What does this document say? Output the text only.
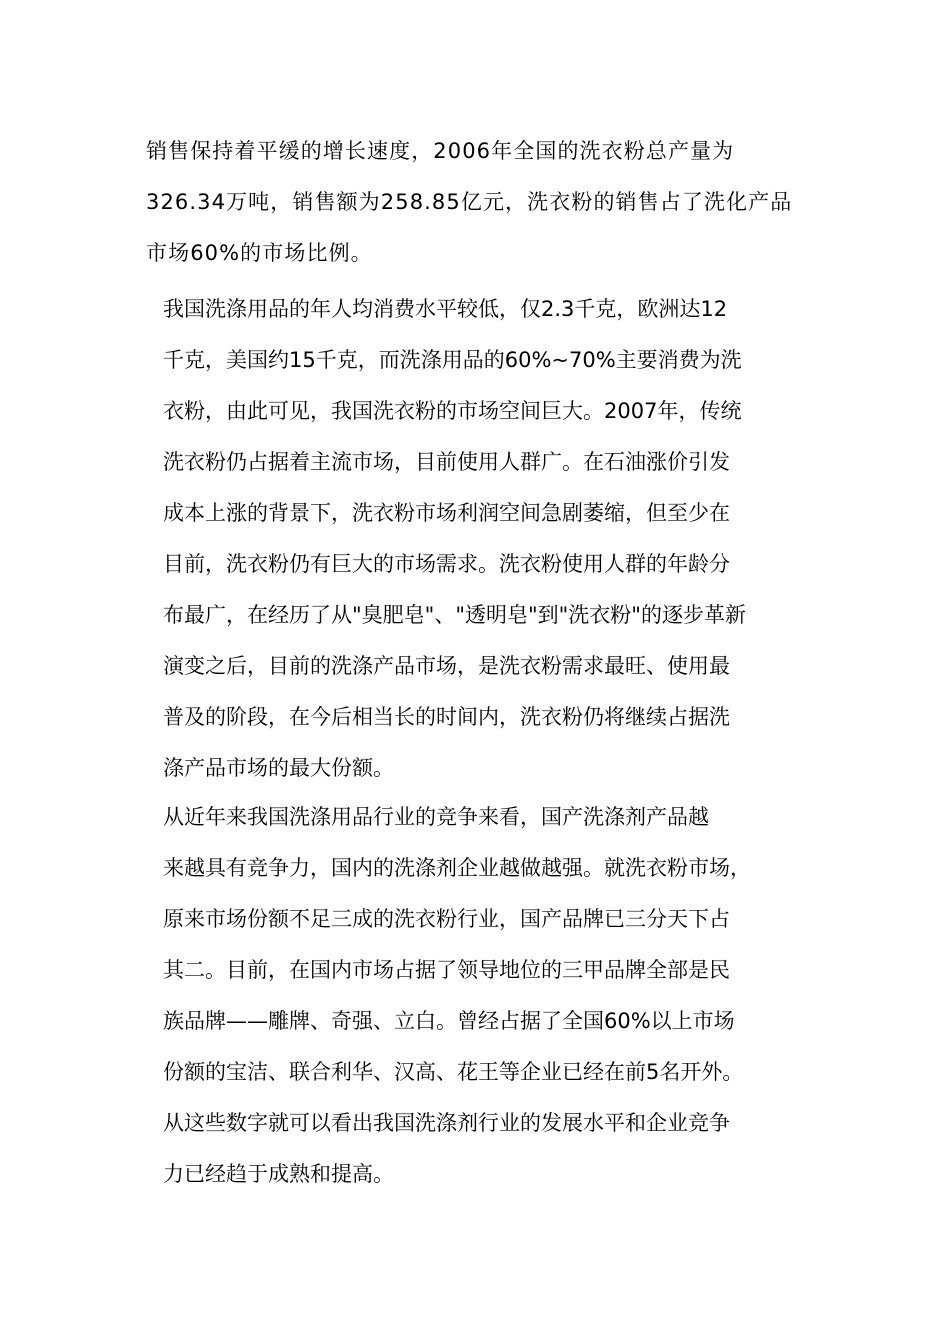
销售保持着平缓的增长速度，2006年全国的洗衣粉总产量为
326.34万吨，销售额为258.85亿元，洗衣粉的销售占了洗化产品
市场60%的市场比例。
我国洗涤用品的年人均消费水平较低，仅2.3千克，欧洲达12
千克，美国约15千克，而洗涤用品的60%~70%主要消费为洗
衣粉，由此可见，我国洗衣粉的市场空间巨大。2007年，传统
洗衣粉仍占据着主流市场，目前使用人群广。在石油涨价引发
成本上涨的背景下，洗衣粉市场利润空间急剧萎缩，但至少在
目前，洗衣粉仍有巨大的市场需求。洗衣粉使用人群的年龄分
布最广，在经历了从"臭肥皂"、"透明皂"到"洗衣粉"的逐步革新
演变之后，目前的洗涤产品市场，是洗衣粉需求最旺、使用最
普及的阶段，在今后相当长的时间内，洗衣粉仍将继续占据洗
涤产品市场的最大份额。
从近年来我国洗涤用品行业的竞争来看，国产洗涤剂产品越
来越具有竞争力，国内的洗涤剂企业越做越强。就洗衣粉市场，
原来市场份额不足三成的洗衣粉行业，国产品牌已三分天下占
其二。目前，在国内市场占据了领导地位的三甲品牌全部是民
族品牌——雕牌、奇强、立白。曾经占据了全国60%以上市场
份额的宝洁、联合利华、汉高、花王等企业已经在前5名开外。
从这些数字就可以看出我国洗涤剂行业的发展水平和企业竞争
力已经趋于成熟和提高。
